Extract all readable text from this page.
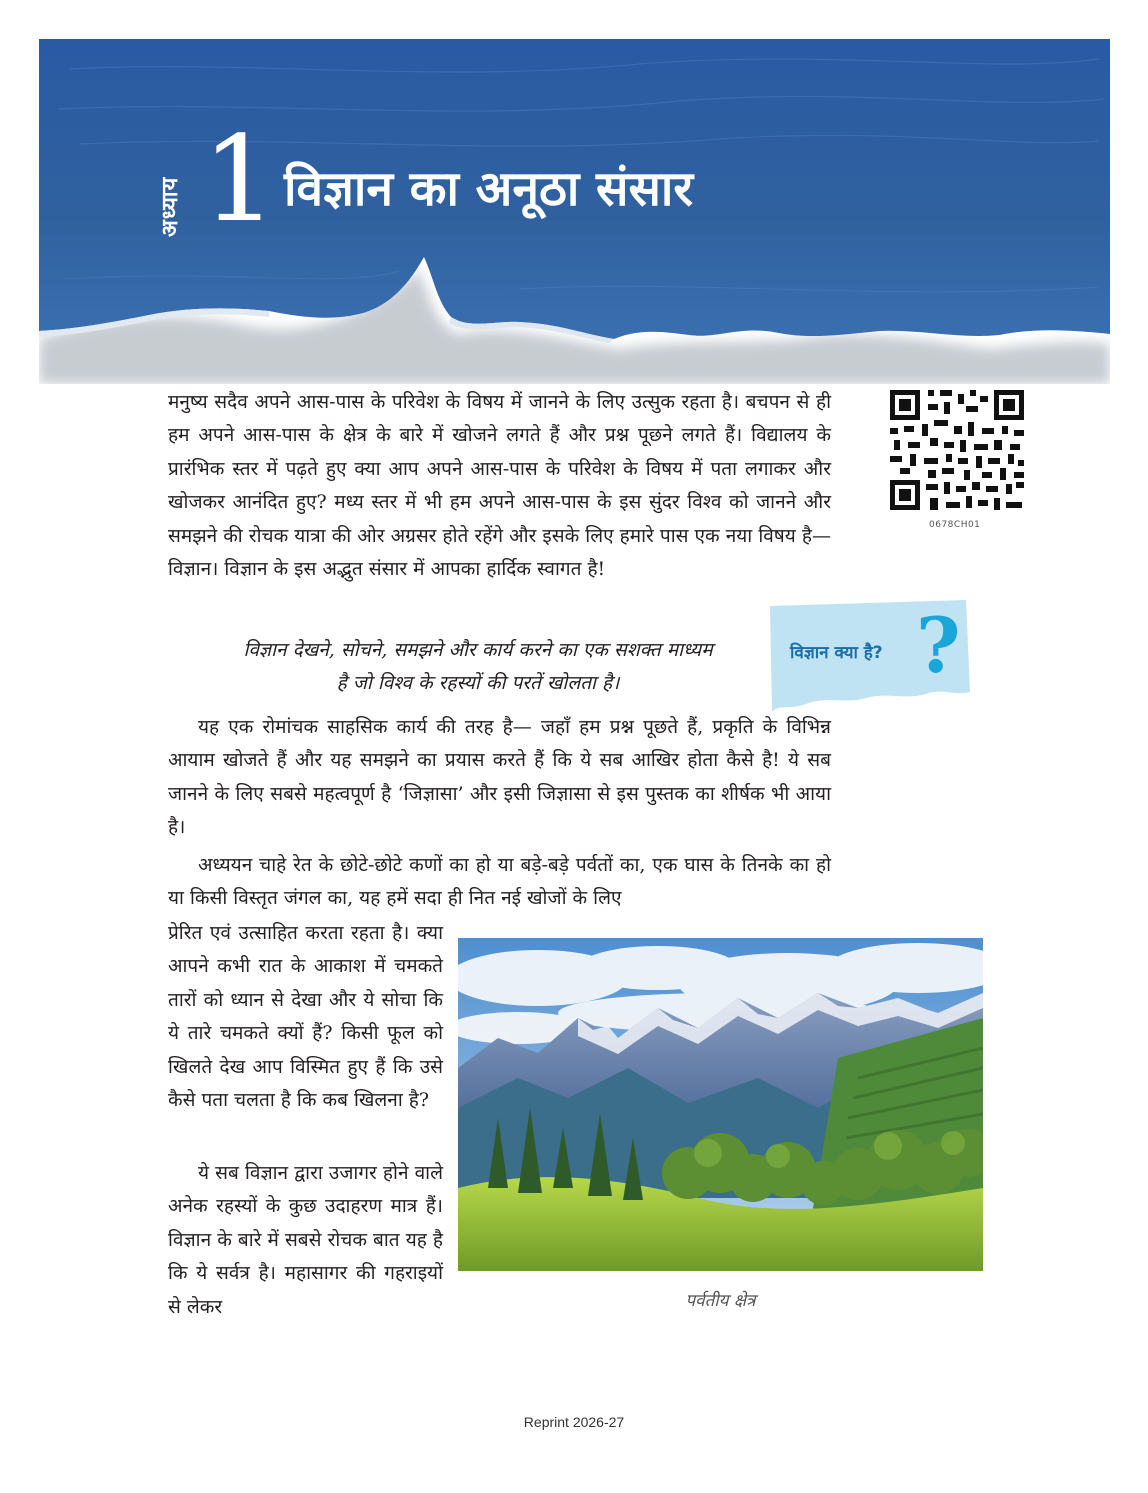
अध्याय 1 विज्ञान का अनूठा संसार
0678CH01
मनुष्य सदैव अपने आस-पास के परिवेश के विषय में जानने के लिए उत्सुक रहता है। बचपन से ही हम अपने आस-पास के क्षेत्र के बारे में खोजने लगते हैं और प्रश्न पूछने लगते हैं। विद्यालय के प्रारंभिक स्तर में पढ़ते हुए क्या आप अपने आस-पास के परिवेश के विषय में पता लगाकर और खोजकर आनंदित हुए? मध्य स्तर में भी हम अपने आस-पास के इस सुंदर विश्व को जानने और समझने की रोचक यात्रा की ओर अग्रसर होते रहेंगे और इसके लिए हमारे पास एक नया विषय है— विज्ञान। विज्ञान के इस अद्भुत संसार में आपका हार्दिक स्वागत है!
विज्ञान देखने, सोचने, समझने और कार्य करने का एक सशक्त माध्यम
है जो विश्व के रहस्यों की परतें खोलता है।
यह एक रोमांचक साहसिक कार्य की तरह है— जहाँ हम प्रश्न पूछते हैं, प्रकृति के विभिन्न आयाम खोजते हैं और यह समझने का प्रयास करते हैं कि ये सब आखिर होता कैसे है! ये सब जानने के लिए सबसे महत्वपूर्ण है ‘जिज्ञासा’ और इसी जिज्ञासा से इस पुस्तक का शीर्षक भी आया है।
अध्ययन चाहे रेत के छोटे-छोटे कणों का हो या बड़े-बड़े पर्वतों का, एक घास के तिनके का हो या किसी विस्तृत जंगल का, यह हमें सदा ही नित नई खोजों के लिए
प्रेरित एवं उत्साहित करता रहता है। क्या आपने कभी रात के आकाश में चमकते तारों को ध्यान से देखा और ये सोचा कि ये तारे चमकते क्यों हैं? किसी फूल को खिलते देख आप विस्मित हुए हैं कि उसे कैसे पता चलता है कि कब खिलना है?
ये सब विज्ञान द्वारा उजागर होने वाले अनेक रहस्यों के कुछ उदाहरण मात्र हैं। विज्ञान के बारे में सबसे रोचक बात यह है कि ये सर्वत्र है। महासागर की गहराइयों से लेकर
विज्ञान क्या है? ?
पर्वतीय क्षेत्र
Reprint 2026-27
